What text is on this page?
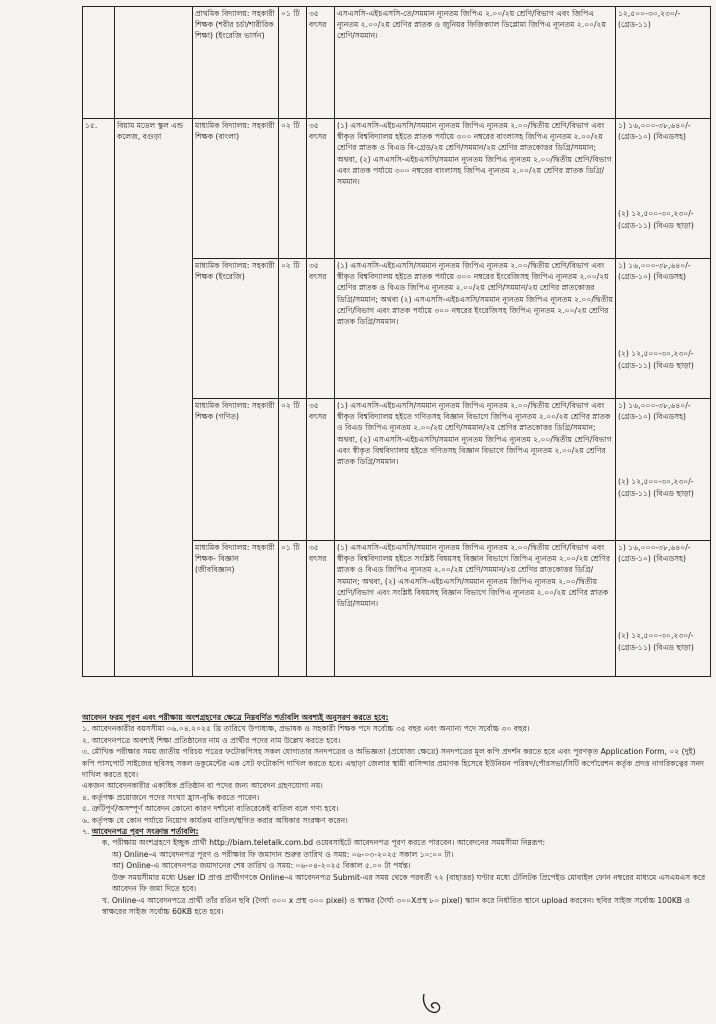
		প্রাথমিক বিদ্যালয়: সহকারী শিক্ষক (শরীর চর্চা/শারীরিক শিক্ষা) (ইংরেজি ভার্সন)	০১ টি	৩৫ বৎসর	এসএসসি-এইচএসসি-তে/সমমান ন্যূনতম জিপিএ ২.০০/২য় শ্রেণি/বিভাগ এবং জিপিএ ন্যূনতম ২.০০/২য় শ্রেণির স্নাতক ও জুনিয়র ফিজিক্যাল ডিপ্লোমা জিপিএ ন্যূনতম ২.০০/২য় শ্রেণি/সমমান।	১২,৫০০-৩০,২৩০/- (গ্রেড-১১)

১৫.	বিয়াম মডেল স্কুল এন্ড কলেজ, বগুড়া	মাধ্যমিক বিদ্যালয়: সহকারী শিক্ষক (বাংলা)	০২ টি	৩৫ বৎসর	(১) এসএসসি-এইচএসসি/সমমান ন্যূনতম জিপিএ ন্যূনতম ২.০০/দ্বিতীয় শ্রেণি/বিভাগ এবং স্বীকৃত বিশ্ববিদ্যালয় হইতে স্নাতক পর্যায়ে ৩০০ নম্বরের বাংলাসহ জিপিএ ন্যূনতম ২.০০/২য় শ্রেণির স্নাতক ও বিএড বি-গ্রেড/২য় শ্রেণি/সমমান/২য় শ্রেণির স্নাতকোত্তর ডিগ্রি/সমমান; অথবা, (২) এসএসসি-এইচএসসি/সমমান ন্যূনতম জিপিএ ন্যূনতম ২.০০/দ্বিতীয় শ্রেণি/বিভাগ এবং স্নাতক পর্যায়ে ৩০০ নম্বরের বাংলাসহ জিপিএ ন্যূনতম ২.০০/২য় শ্রেণির স্নাতক ডিগ্রি/সমমান।	১) ১৬,০০০-৩৮,৬৪০/- (গ্রেড-১০) (বিএডসহ)
(২) ১২,৫০০-৩০,২৩০/- (গ্রেড-১১) (বিএড ছাড়া)

		মাধ্যমিক বিদ্যালয়: সহকারী শিক্ষক (ইংরেজি)	০২ টি	৩৫ বৎসর	(১) এসএসসি-এইচএসসি/সমমান ন্যূনতম জিপিএ ন্যূনতম ২.০০/দ্বিতীয় শ্রেণি/বিভাগ এবং স্বীকৃত বিশ্ববিদ্যালয় হইতে স্নাতক পর্যায়ে ৩০০ নম্বরের ইংরেজিসহ জিপিএ ন্যূনতম ২.০০/২য় শ্রেণির স্নাতক ও বিএড জিপিএ ন্যূনতম ২.০০/২য় শ্রেণি/সমমান/২য় শ্রেণির স্নাতকোত্তর ডিগ্রি/সমমান; অথবা (২) এসএসসি-এইচএসসি/সমমান ন্যূনতম জিপিএ ন্যূনতম ২.০০/দ্বিতীয় শ্রেণি/বিভাগ এবং স্নাতক পর্যায়ে ৩০০ নম্বরের ইংরেজিসহ জিপিএ ন্যূনতম ২.০০/২য় শ্রেণির স্নাতক ডিগ্রি/সমমান।	১) ১৬,০০০-৩৮,৬৪০/- (গ্রেড-১০) (বিএডসহ)
(২) ১২,৫০০-৩০,২৩০/- (গ্রেড-১১) (বিএড ছাড়া)

		মাধ্যমিক বিদ্যালয়: সহকারী শিক্ষক (গণিত)	০২ টি	৩৫ বৎসর	(১) এসএসসি-এইচএসসি/সমমান ন্যূনতম জিপিএ ন্যূনতম ২.০০/দ্বিতীয় শ্রেণি/বিভাগ এবং স্বীকৃত বিশ্ববিদ্যালয় হইতে গণিতসহ বিজ্ঞান বিভাগে জিপিএ ন্যূনতম ২.০০/২য় শ্রেণির স্নাতক ও বিএড জিপিএ ন্যূনতম ২.০০/২য় শ্রেণি/সমমান/২য় শ্রেণির স্নাতকোত্তর ডিগ্রি/সমমান; অথবা, (২) এসএসসি-এইচএসসি/সমমান ন্যূনতম জিপিএ ন্যূনতম ২.০০/দ্বিতীয় শ্রেণি/বিভাগ এবং স্বীকৃত বিশ্ববিদ্যালয় হইতে গণিতসহ বিজ্ঞান বিভাগে জিপিএ ন্যূনতম ২.০০/২য় শ্রেণির স্নাতক ডিগ্রি/সমমান।	১) ১৬,০০০-৩৮,৬৪০/- (গ্রেড-১০) (বিএডসহ)
(২) ১২,৫০০-৩০,২৩০/- (গ্রেড-১১) (বিএড ছাড়া)

		মাধ্যমিক বিদ্যালয়: সহকারী শিক্ষক- বিজ্ঞান (জীববিজ্ঞান)	০১ টি	৩৫ বৎসর	(১) এসএসসি-এইচএসসি/সমমান ন্যূনতম জিপিএ ন্যূনতম ২.০০/দ্বিতীয় শ্রেণি/বিভাগ এবং স্বীকৃত বিশ্ববিদ্যালয় হইতে সংশ্লিষ্ট বিষয়সহ বিজ্ঞান বিভাগে জিপিএ ন্যূনতম ২.০০/২য় শ্রেণির স্নাতক ও বিএড জিপিএ ন্যূনতম ২.০০/২য় শ্রেণি/সমমান/২য় শ্রেণির স্নাতকোত্তর ডিগ্রি/সমমান; অথবা, (২) এসএসসি-এইচএসসি/সমমান ন্যূনতম জিপিএ ন্যূনতম ২.০০/দ্বিতীয় শ্রেণি/বিভাগ এবং সংশ্লিষ্ট বিষয়সহ বিজ্ঞান বিভাগে জিপিএ ন্যূনতম ২.০০/২য় শ্রেণির স্নাতক ডিগ্রি/সমমান।	১) ১৬,০০০-৩৮,৬৪০/- (গ্রেড-১০) (বিএডসহ)
(২) ১২,৫০০-৩০,২৩০/- (গ্রেড-১১) (বিএড ছাড়া)

আবেদন ফরম পূরণ এবং পরীক্ষায় অংশগ্রহণের ক্ষেত্রে নিম্নবর্ণিত শর্তাবলি অবশ্যই অনুসরণ করতে হবে:

১. আবেদনকারীর বয়সসীমা ০৬.০৪.২০২৫ খ্রি তারিখে উপাধ্যক্ষ, প্রভাষক ও সহকারী শিক্ষক পদে সর্বোচ্চ ৩৫ বছর এবং অন্যান্য পদে সর্বোচ্চ ৩০ বছর।

২. আবেদনপত্রে অবশ্যই শিক্ষা প্রতিষ্ঠানের নাম ও প্রার্থীর পদের নাম উল্লেখ করতে হবে।

৩. মৌখিক পরীক্ষার সময় জাতীয় পরিচয় পত্রের ফটোকপিসহ সকল যোগ্যতার সনদপত্রের ও অভিজ্ঞতা (প্রযোজ্য ক্ষেত্রে) সনদপত্রের মূল কপি প্রদর্শন করতে হবে এবং পূরণকৃত Application Form, ০২ (দুই) কপি পাসপোর্ট সাইজের ছবিসহ সকল ডকুমেন্টের এক সেট ফটোকপি দাখিল করতে হবে। এছাড়া জেলার স্থায়ী বাসিন্দার প্রমাণক হিসেবে ইউনিয়ন পরিষদ/পৌরসভা/সিটি কর্পোরেশন কর্তৃক প্রদত্ত নাগরিকত্বের সনদ দাখিল করতে হবে।

একজন আবেদনকারীর একাধিক প্রতিষ্ঠান বা পদের জন্য আবেদন গ্রহণযোগ্য নয়।

৪. কর্তৃপক্ষ প্রয়োজনে পদের সংখ্যা হ্রাস-বৃদ্ধি করতে পারেন।

৫. ত্রুটিপূর্ণ/অসম্পূর্ণ আবেদন কোনো কারণ দর্শানো ব্যতিরেকেই বাতিল বলে গণ্য হবে।

৬. কর্তৃপক্ষ যে কোন পর্যায়ে নিয়োগ কার্যক্রম বাতিল/স্থগিত করার অধিকার সংরক্ষণ করেন।

৭. আবেদনপত্র পূরণ সংক্রান্ত শর্তাবলি:

ক. পরীক্ষায় অংশগ্রহণে ইচ্ছুক প্রার্থী http://biam.teletalk.com.bd ওয়েবসাইটে আবেদনপত্র পূরণ করতে পারবেন। আবেদনের সময়সীমা নিম্নরূপ:

অ) Online-এ আবেদনপত্র পূরণ ও পরীক্ষার ফি জমাদান শুরুর তারিখ ও সময়: ০৬-০৩-২০২৫ সকাল ১০:০০ টা।

আ) Online-এ আবেদনপত্র জমাদানের শেষ তারিখ ও সময়: ০৬-০৪-২০২৫ বিকাল ৫.০০ টা পর্যন্ত।

উক্ত সময়সীমার মধ্যে User ID প্রাপ্ত প্রার্থীগণকে Online-এ আবেদনপত্র Submit-এর সময় থেকে পরবর্তী ৭২ (বাহাত্তর) ঘণ্টার মধ্যে টেলিটক প্রিপেইড মোবাইল ফোন নম্বরের মাধ্যমে এসএমএস করে আবেদন ফি জমা দিতে হবে।

খ. Online-এ আবেদনপত্রে প্রার্থী তাঁর রঙিন ছবি (দৈর্ঘ্য ৩০০ x প্রস্থ ৩০০ pixel) ও স্বাক্ষর (দৈর্ঘ্য ৩০০Xপ্রস্থ ৮০ pixel) স্ক্যান করে নির্ধারিত স্থানে upload করবেন। ছবির সাইজ সর্বোচ্চ 100KB ও স্বাক্ষরের সাইজ সর্বোচ্চ 60KB হতে হবে।
